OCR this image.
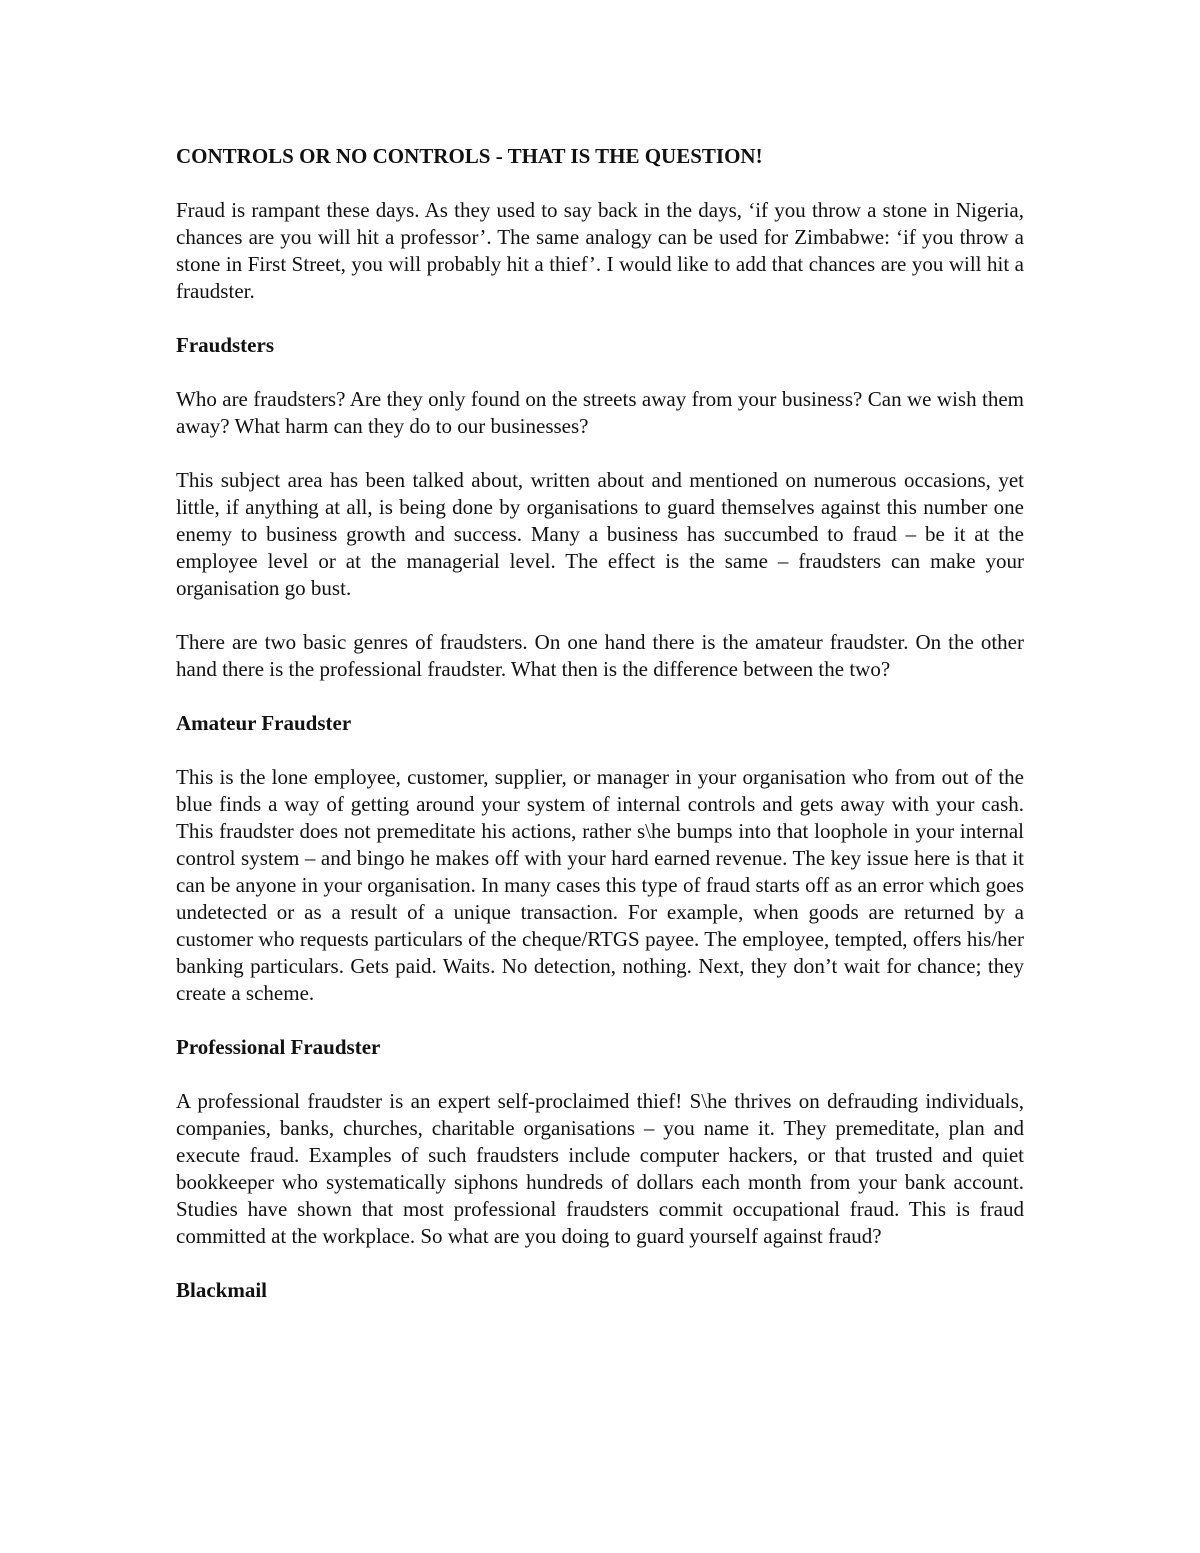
CONTROLS OR NO CONTROLS - THAT IS THE QUESTION!

Fraud is rampant these days. As they used to say back in the days, ‘if you throw a stone in Nigeria, chances are you will hit a professor’. The same analogy can be used for Zimbabwe: ‘if you throw a stone in First Street, you will probably hit a thief’. I would like to add that chances are you will hit a fraudster.

Fraudsters

Who are fraudsters? Are they only found on the streets away from your business? Can we wish them away? What harm can they do to our businesses?

This subject area has been talked about, written about and mentioned on numerous occasions, yet little, if anything at all, is being done by organisations to guard themselves against this number one enemy to business growth and success. Many a business has succumbed to fraud – be it at the employee level or at the managerial level. The effect is the same – fraudsters can make your organisation go bust.

There are two basic genres of fraudsters. On one hand there is the amateur fraudster. On the other hand there is the professional fraudster. What then is the difference between the two?

Amateur Fraudster

This is the lone employee, customer, supplier, or manager in your organisation who from out of the blue finds a way of getting around your system of internal controls and gets away with your cash. This fraudster does not premeditate his actions, rather s\he bumps into that loophole in your internal control system – and bingo he makes off with your hard earned revenue. The key issue here is that it can be anyone in your organisation. In many cases this type of fraud starts off as an error which goes undetected or as a result of a unique transaction. For example, when goods are returned by a customer who requests particulars of the cheque/RTGS payee. The employee, tempted, offers his/her banking particulars. Gets paid. Waits. No detection, nothing. Next, they don’t wait for chance; they create a scheme.

Professional Fraudster

A professional fraudster is an expert self-proclaimed thief! S\he thrives on defrauding individuals, companies, banks, churches, charitable organisations – you name it. They premeditate, plan and execute fraud. Examples of such fraudsters include computer hackers, or that trusted and quiet bookkeeper who systematically siphons hundreds of dollars each month from your bank account. Studies have shown that most professional fraudsters commit occupational fraud. This is fraud committed at the workplace. So what are you doing to guard yourself against fraud?

Blackmail
